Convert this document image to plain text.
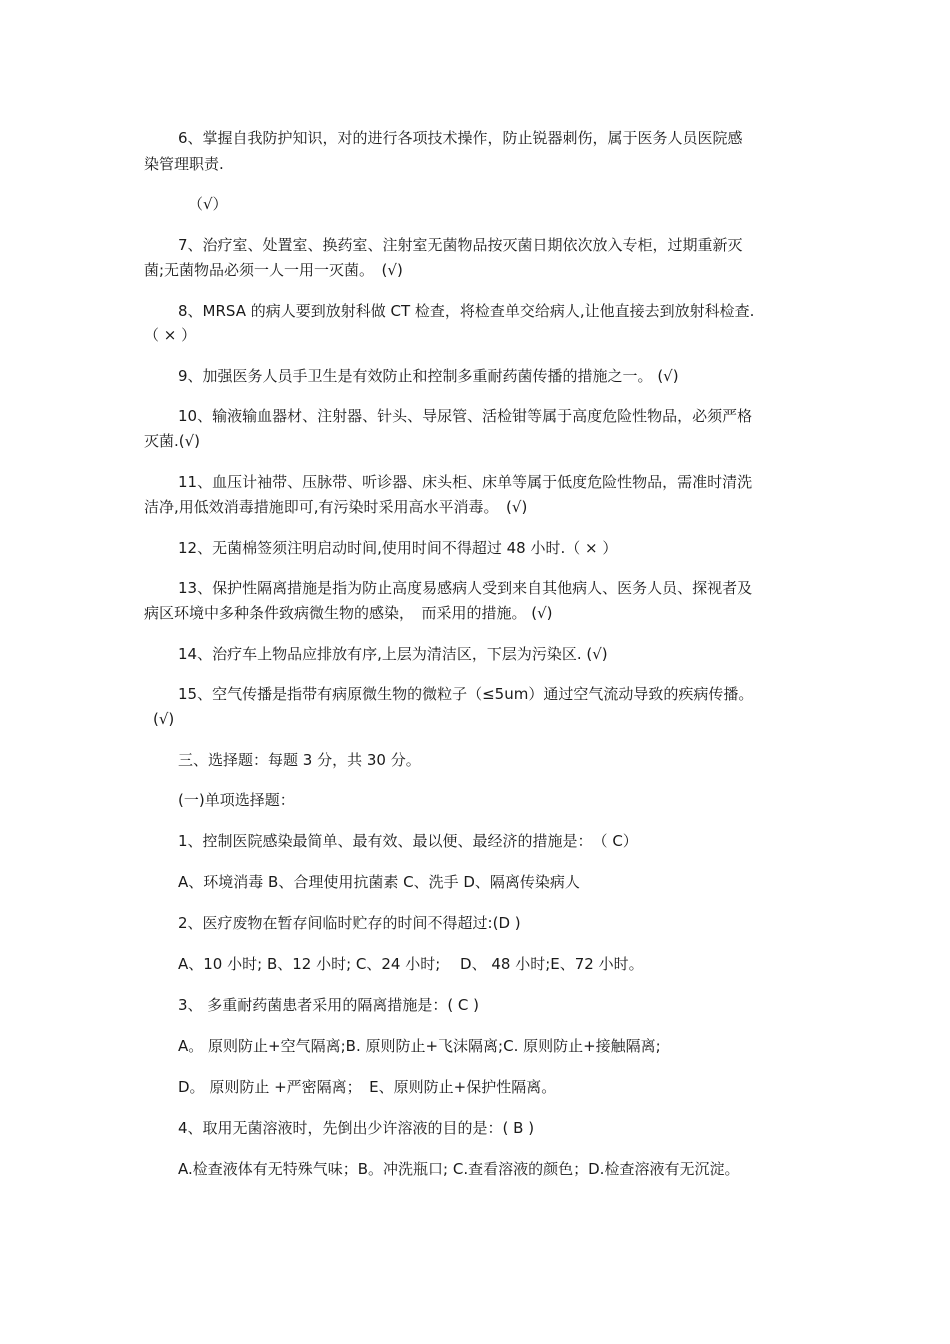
6、掌握自我防护知识，对的进行各项技术操作，防止锐器刺伤，属于医务人员医院感

染管理职责.

（√）

7、治疗室、处置室、换药室、注射室无菌物品按灭菌日期依次放入专柜，过期重新灭

菌;无菌物品必须一人一用一灭菌。　(√)

8、MRSA 的病人要到放射科做 CT 检查，将检查单交给病人,让他直接去到放射科检查.

（ × ）

9、加强医务人员手卫生是有效防止和控制多重耐药菌传播的措施之一。 (√)

10、输液输血器材、注射器、针头、导尿管、活检钳等属于高度危险性物品，必须严格

灭菌.(√)

11、血压计袖带、压脉带、听诊器、床头柜、床单等属于低度危险性物品，需准时清洗

洁净,用低效消毒措施即可,有污染时采用高水平消毒。　(√)

12、无菌棉签须注明启动时间,使用时间不得超过 48 小时.（ × ）

13、保护性隔离措施是指为防止高度易感病人受到来自其他病人、医务人员、探视者及

病区环境中多种条件致病微生物的感染，　而采用的措施。 (√)

14、治疗车上物品应排放有序,上层为清洁区，下层为污染区. (√)

15、空气传播是指带有病原微生物的微粒子（≤5um）通过空气流动导致的疾病传播。

(√)

三、选择题：每题 3 分，共 30 分。

(一)单项选择题：

1、控制医院感染最简单、最有效、最以便、最经济的措施是：　（ C）

A、环境消毒 B、合理使用抗菌素 C、洗手 D、隔离传染病人

2、医疗废物在暂存间临时贮存的时间不得超过:(D )

A、10 小时; B、12 小时; C、24 小时;　 D、 48 小时;E、72 小时。

3、 多重耐药菌患者采用的隔离措施是：( C )

A。 原则防止+空气隔离;B. 原则防止+飞沫隔离;C. 原则防止+接触隔离;

D。 原则防止 +严密隔离；　E、原则防止+保护性隔离。

4、取用无菌溶液时，先倒出少许溶液的目的是：( B )

A.检查液体有无特殊气味；B。冲洗瓶口; C.查看溶液的颜色；D.检查溶液有无沉淀。
